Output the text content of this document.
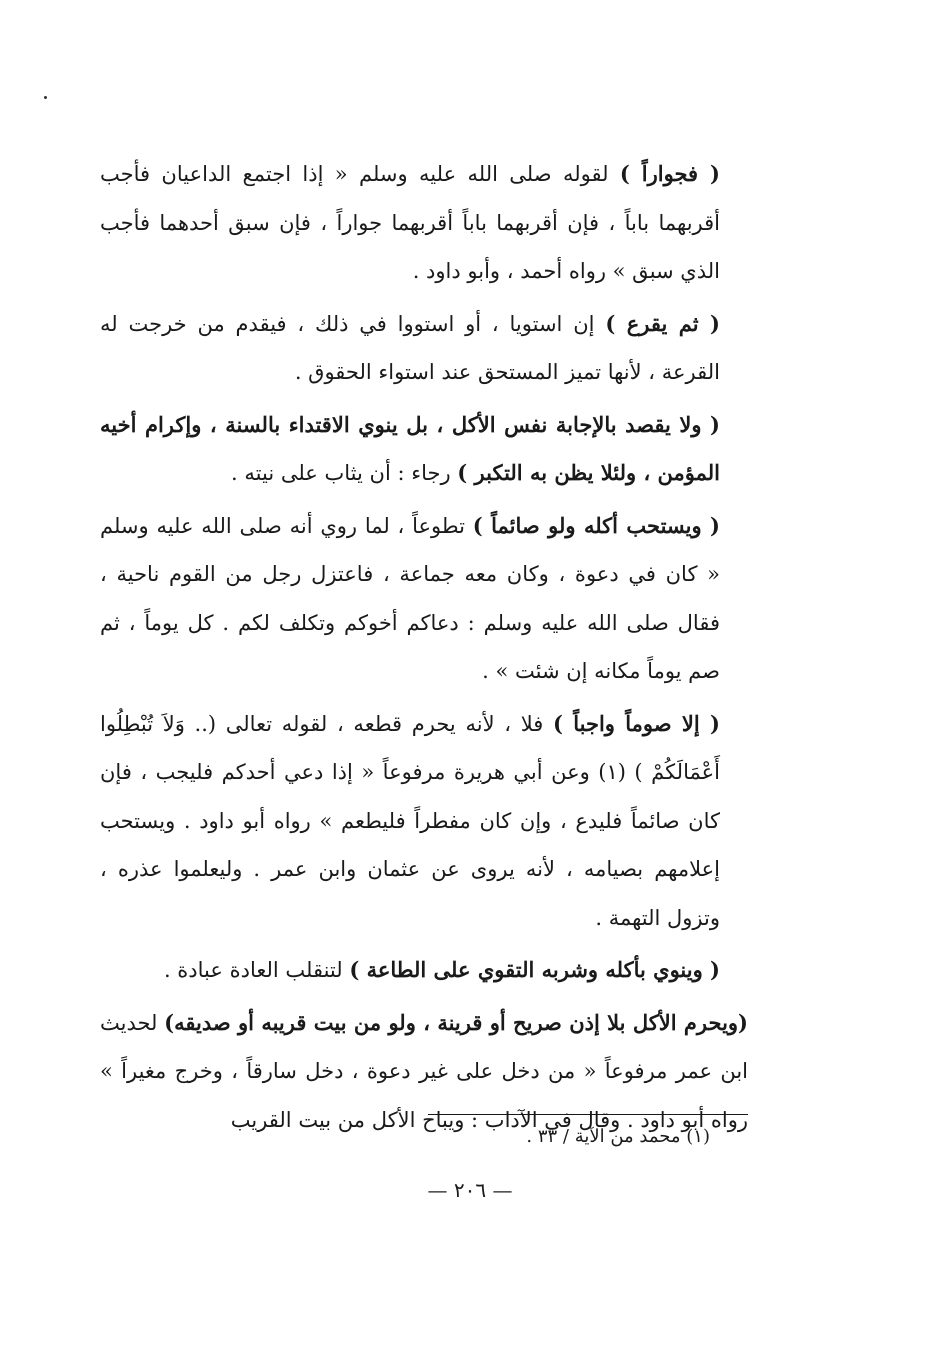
( فجواراً ) لقوله صلى الله عليه وسلم « إذا اجتمع الداعيان فأجب أقربهما باباً ، فإن أقربهما باباً أقربهما جواراً ، فإن سبق أحدهما فأجب الذي سبق » رواه أحمد ، وأبو داود .

( ثم يقرع ) إن استويا ، أو استووا في ذلك ، فيقدم من خرجت له القرعة ، لأنها تميز المستحق عند استواء الحقوق .

( ولا يقصد بالإجابة نفس الأكل ، بل ينوي الاقتداء بالسنة ، وإكرام أخيه المؤمن ، ولئلا يظن به التكبر ) رجاء : أن يثاب على نيته .

( ويستحب أكله ولو صائماً ) تطوعاً ، لما روي أنه صلى الله عليه وسلم « كان في دعوة ، وكان معه جماعة ، فاعتزل رجل من القوم ناحية ، فقال صلى الله عليه وسلم : دعاكم أخوكم وتكلف لكم . كل يوماً ، ثم صم يوماً مكانه إن شئت » .

( إلا صوماً واجباً ) فلا ، لأنه يحرم قطعه ، لقوله تعالى (.. وَلاَ تُبْطِلُوا أَعْمَالَكُمْ ) (١) وعن أبي هريرة مرفوعاً « إذا دعي أحدكم فليجب ، فإن كان صائماً فليدع ، وإن كان مفطراً فليطعم » رواه أبو داود . ويستحب إعلامهم بصيامه ، لأنه يروى عن عثمان وابن عمر . وليعلموا عذره ، وتزول التهمة .

( وينوي بأكله وشربه التقوي على الطاعة ) لتنقلب العادة عبادة .

(ويحرم الأكل بلا إذن صريح أو قرينة ، ولو من بيت قريبه أو صديقه) لحديث ابن عمر مرفوعاً « من دخل على غير دعوة ، دخل سارقاً ، وخرج مغيراً » رواه أبو داود . وقال في الآداب : ويباح الأكل من بيت القريب

(١) محمد من الآية / ٣٣ .
— ٢٠٦ —
